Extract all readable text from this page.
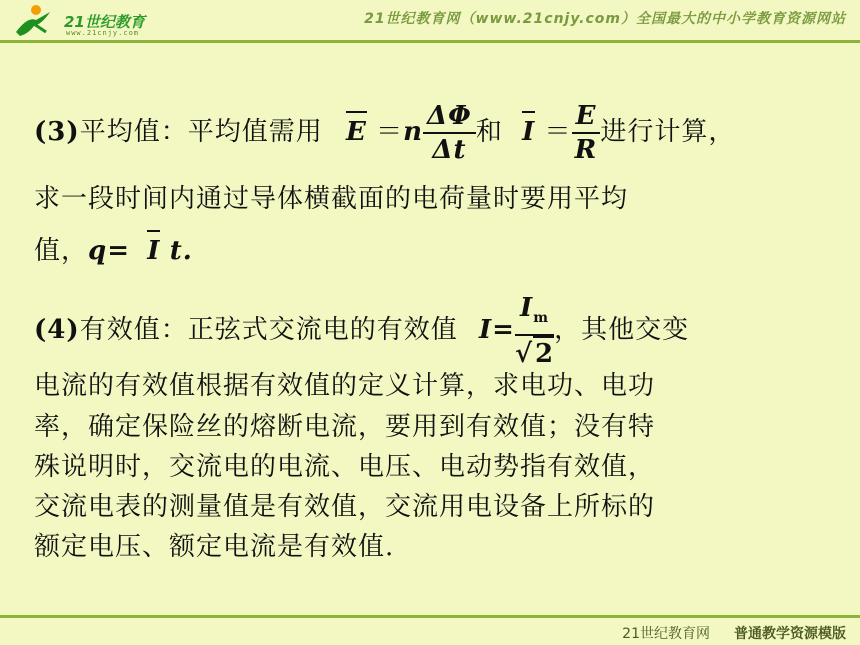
21世纪教育
www.21cnjy.com
21世纪教育网（www.21cnjy.com）全国最大的中小学教育资源网站
(3)平均值：平均值需用 $E =n \frac{\Delta\Phi}{\Delta t}$ 和 $I = \frac{E}{R}$ 进行计算，
求一段时间内通过导体横截面的电荷量时要用平均
值，q= I t.
(4)有效值：正弦式交流电的有效值 $I= \frac{I_m}{√2}$ ，其他交变
电流的有效值根据有效值的定义计算，求电功、电功
率，确定保险丝的熔断电流，要用到有效值；没有特
殊说明时，交流电的电流、电压、电动势指有效值，
交流电表的测量值是有效值，交流用电设备上所标的
额定电压、额定电流是有效值.
21世纪教育网 普通教学资源模版
